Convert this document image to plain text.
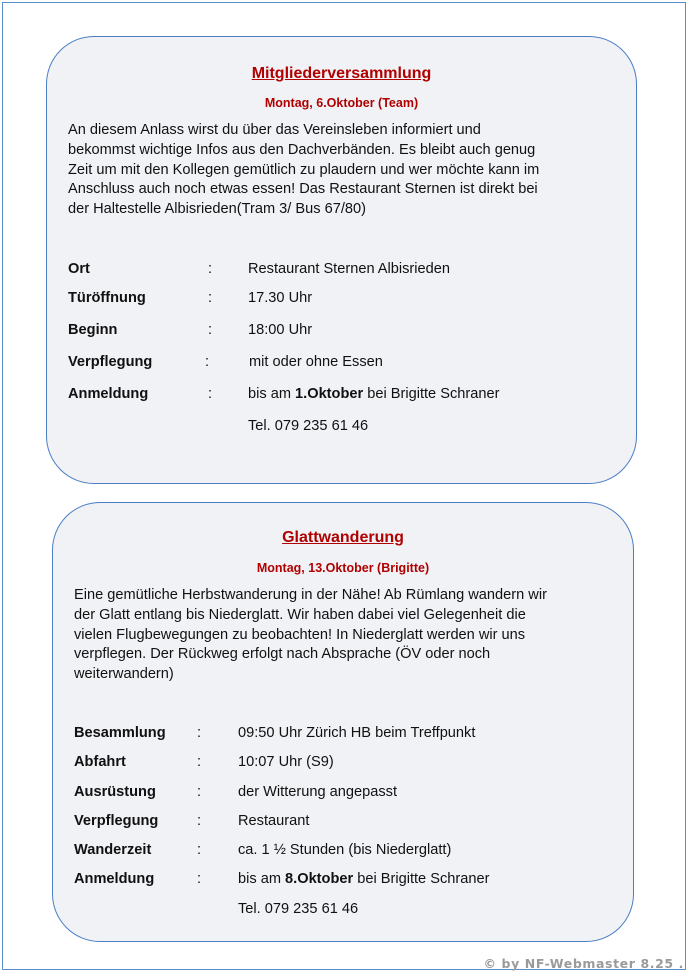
Mitgliederversammlung
Montag, 6.Oktober (Team)
An diesem Anlass wirst du über das Vereinsleben informiert und
bekommst wichtige Infos aus den Dachverbänden. Es bleibt auch genug
Zeit um mit den Kollegen gemütlich zu plaudern und wer möchte kann im
Anschluss auch noch etwas essen! Das Restaurant Sternen ist direkt bei
der Haltestelle Albisrieden(Tram 3/ Bus 67/80)
Ort	: Restaurant Sternen Albisrieden
Türöffnung	: 17.30 Uhr
Beginn	: 18:00 Uhr
Verpflegung	:	mit oder ohne Essen
Anmeldung	: bis am 1.Oktober bei Brigitte Schraner
Tel. 079 235 61 46
Glattwanderung
Montag, 13.Oktober (Brigitte)
Eine gemütliche Herbstwanderung in der Nähe! Ab Rümlang wandern wir
der Glatt entlang bis Niederglatt. Wir haben dabei viel Gelegenheit die
vielen Flugbewegungen zu beobachten! In Niederglatt werden wir uns
verpflegen. Der Rückweg erfolgt nach Absprache (ÖV oder noch
weiterwandern)
Besammlung :	09:50 Uhr Zürich HB beim Treffpunkt
Abfahrt	:	10:07 Uhr (S9)
Ausrüstung	:	der Witterung angepasst
Verpflegung	:	Restaurant
Wanderzeit	:	ca. 1 ½ Stunden (bis Niederglatt)
Anmeldung	:	bis am 8.Oktober bei Brigitte Schraner
Tel. 079 235 61 46
© by NF-Webmaster 8.25 .
